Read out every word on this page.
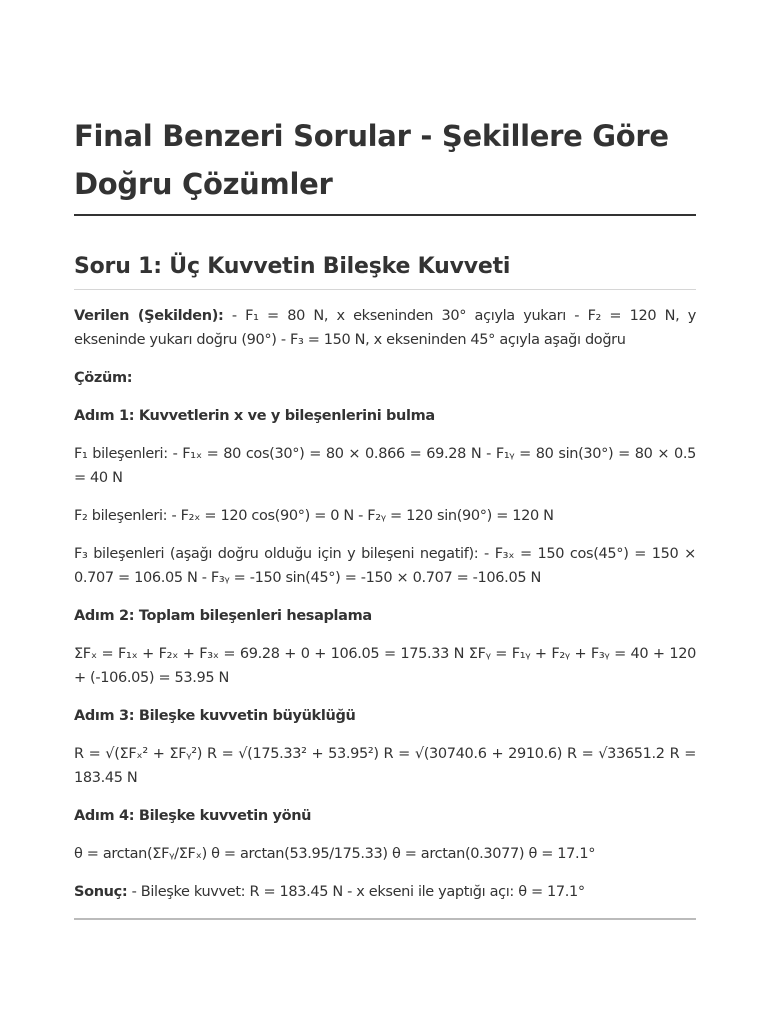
Final Benzeri Sorular - Şekillere Göre Doğru Çözümler
Soru 1: Üç Kuvvetin Bileşke Kuvveti

Verilen (Şekilden): - F₁ = 80 N, x ekseninden 30° açıyla yukarı - F₂ = 120 N, y ekseninde yukarı doğru (90°) - F₃ = 150 N, x ekseninden 45° açıyla aşağı doğru

Çözüm:

Adım 1: Kuvvetlerin x ve y bileşenlerini bulma

F₁ bileşenleri: - F₁ₓ = 80 cos(30°) = 80 × 0.866 = 69.28 N - F₁ᵧ = 80 sin(30°) = 80 × 0.5 = 40 N

F₂ bileşenleri: - F₂ₓ = 120 cos(90°) = 0 N - F₂ᵧ = 120 sin(90°) = 120 N

F₃ bileşenleri (aşağı doğru olduğu için y bileşeni negatif): - F₃ₓ = 150 cos(45°) = 150 × 0.707 = 106.05 N - F₃ᵧ = -150 sin(45°) = -150 × 0.707 = -106.05 N

Adım 2: Toplam bileşenleri hesaplama

ΣFₓ = F₁ₓ + F₂ₓ + F₃ₓ = 69.28 + 0 + 106.05 = 175.33 N ΣFᵧ = F₁ᵧ + F₂ᵧ + F₃ᵧ = 40 + 120 + (-106.05) = 53.95 N

Adım 3: Bileşke kuvvetin büyüklüğü

R = √(ΣFₓ² + ΣFᵧ²) R = √(175.33² + 53.95²) R = √(30740.6 + 2910.6) R = √33651.2 R = 183.45 N

Adım 4: Bileşke kuvvetin yönü

θ = arctan(ΣFᵧ/ΣFₓ) θ = arctan(53.95/175.33) θ = arctan(0.3077) θ = 17.1°

Sonuç: - Bileşke kuvvet: R = 183.45 N - x ekseni ile yaptığı açı: θ = 17.1°
